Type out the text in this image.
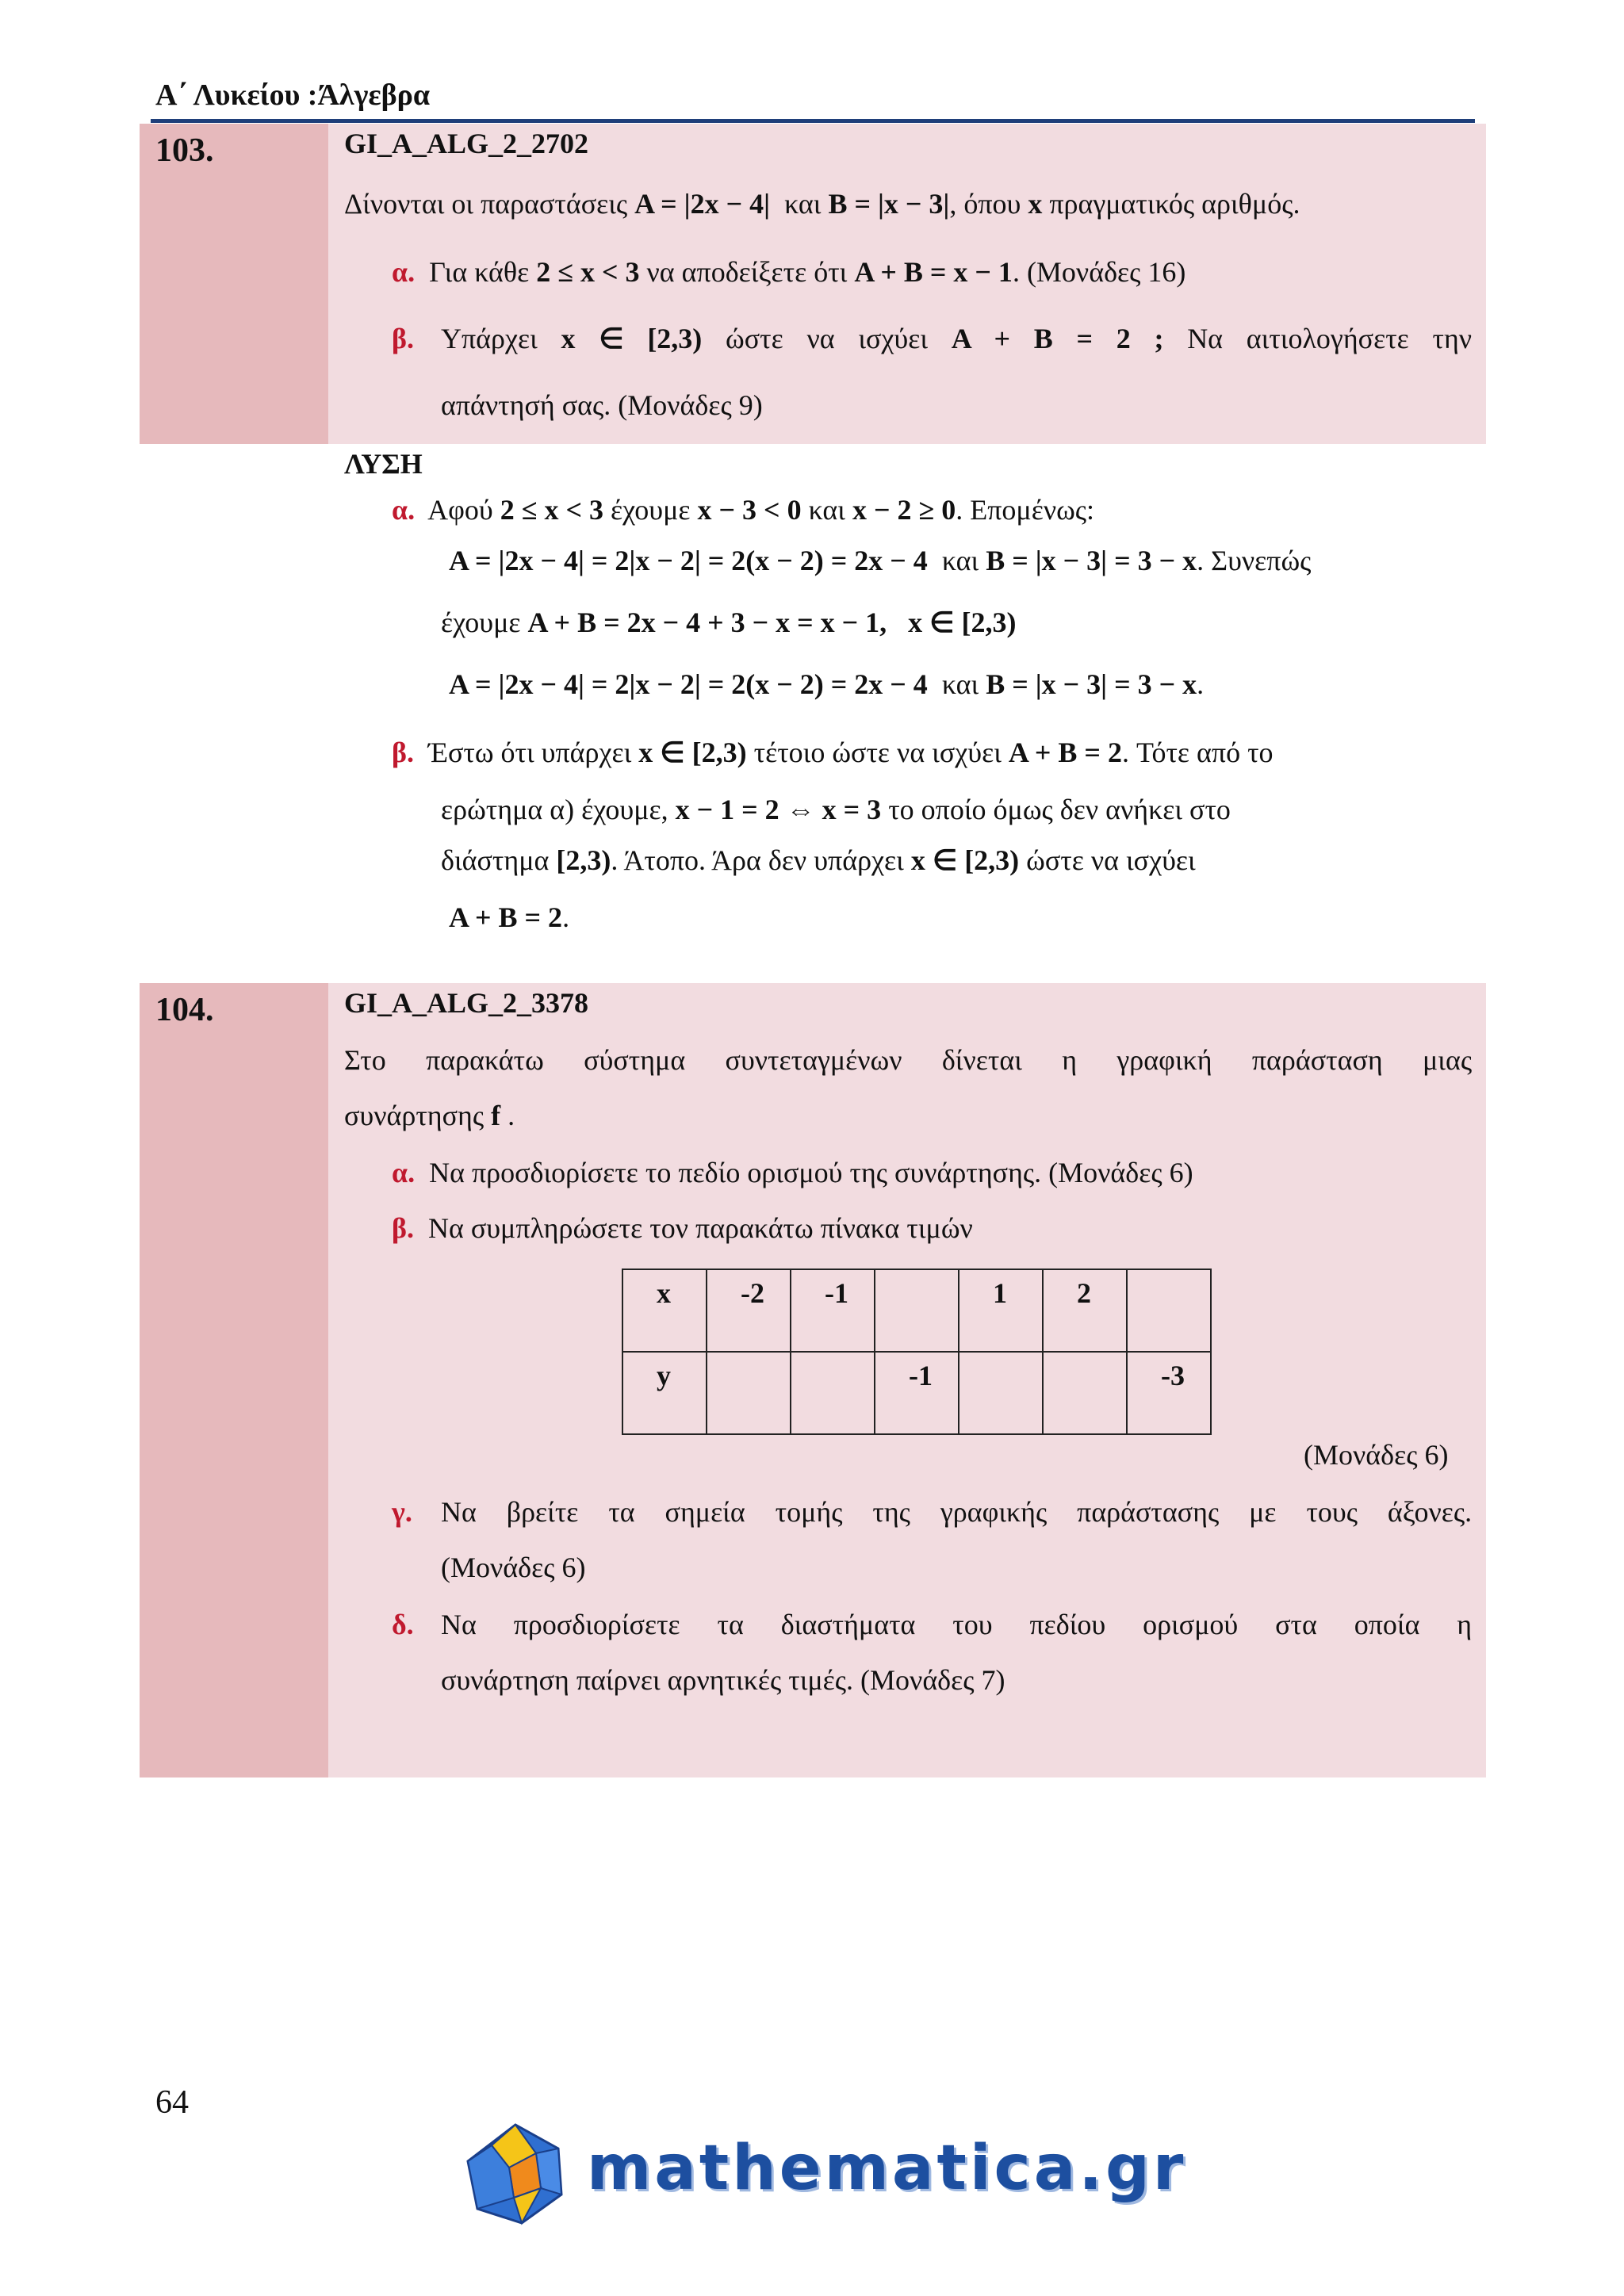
Α΄ Λυκείου :Άλγεβρα
103.	GI_A_ALG_2_2702
Δίνονται οι παραστάσεις A = |2x − 4| και B = |x − 3|, όπου x πραγματικός αριθμός.
α. Για κάθε 2 ≤ x < 3 να αποδείξετε ότι A + B = x − 1. (Μονάδες 16)
β. Υπάρχει x ∈ [2,3) ώστε να ισχύει A + B = 2 ; Να αιτιολογήσετε την
απάντησή σας. (Μονάδες 9)
ΛΥΣΗ
α. Αφού 2 ≤ x < 3 έχουμε x − 3 < 0 και x − 2 ≥ 0. Επομένως:
A = |2x − 4| = 2|x − 2| = 2(x − 2) = 2x − 4 και B = |x − 3| = 3 − x. Συνεπώς
έχουμε A + B = 2x − 4 + 3 − x = x − 1,   x ∈ [2,3)
A = |2x − 4| = 2|x − 2| = 2(x − 2) = 2x − 4 και B = |x − 3| = 3 − x.
β. Έστω ότι υπάρχει x ∈ [2,3) τέτοιο ώστε να ισχύει A + B = 2. Τότε από το
ερώτημα α) έχουμε, x − 1 = 2 ⇔ x = 3 το οποίο όμως δεν ανήκει στο
διάστημα [2,3). Άτοπο. Άρα δεν υπάρχει x ∈ [2,3) ώστε να ισχύει
A + B = 2.
104.	GI_A_ALG_2_3378
Στο παρακάτω σύστημα συντεταγμένων δίνεται η γραφική παράσταση μιας
συνάρτησης f .
α. Να προσδιορίσετε το πεδίο ορισμού της συνάρτησης. (Μονάδες 6)
β. Να συμπληρώσετε τον παρακάτω πίνακα τιμών
x	-2	-1		1	2	
y			-1			-3
(Μονάδες 6)
γ. Να βρείτε τα σημεία τομής της γραφικής παράστασης με τους άξονες.
(Μονάδες 6)
δ. Να προσδιορίσετε τα διαστήματα του πεδίου ορισμού στα οποία η
συνάρτηση παίρνει αρνητικές τιμές. (Μονάδες 7)
64
mathematica.gr
